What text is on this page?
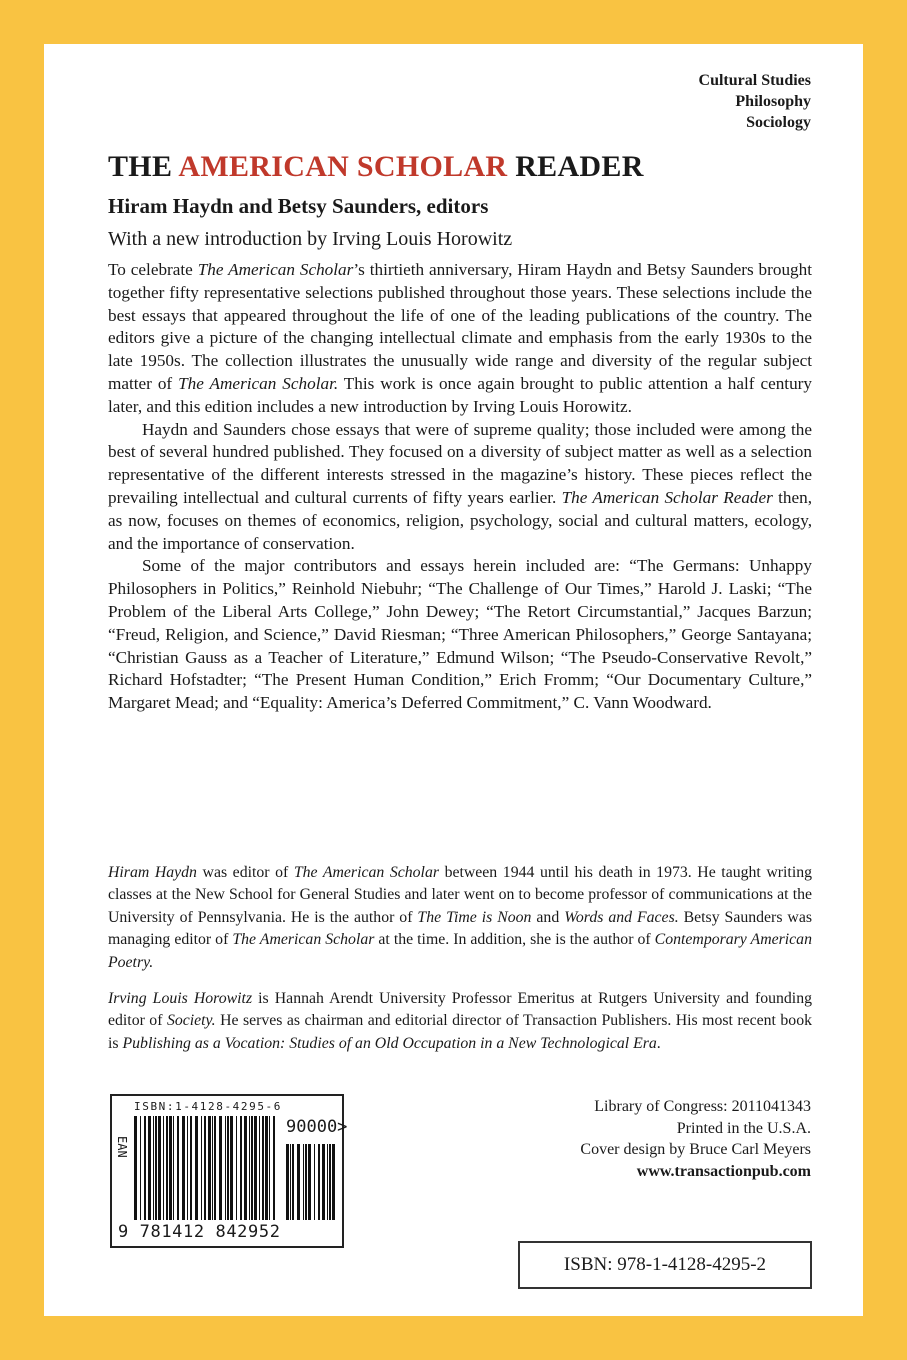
Cultural Studies
Philosophy
Sociology
THE AMERICAN SCHOLAR READER
Hiram Haydn and Betsy Saunders, editors
With a new introduction by Irving Louis Horowitz

To celebrate The American Scholar’s thirtieth anniversary, Hiram Haydn and Betsy Saunders brought together fifty representative selections published throughout those years. These selections include the best essays that appeared throughout the life of one of the leading publications of the country. The editors give a picture of the changing intellectual climate and emphasis from the early 1930s to the late 1950s. The collection illustrates the unusually wide range and diversity of the regular subject matter of The American Scholar. This work is once again brought to public attention a half century later, and this edition includes a new introduction by Irving Louis Horowitz.

Haydn and Saunders chose essays that were of supreme quality; those included were among the best of several hundred published. They focused on a diversity of subject matter as well as a selection representative of the different interests stressed in the magazine’s history. These pieces reflect the prevailing intellectual and cultural currents of fifty years earlier. The American Scholar Reader then, as now, focuses on themes of economics, religion, psychology, social and cultural matters, ecology, and the importance of conservation.

Some of the major contributors and essays herein included are: “The Germans: Unhappy Philosophers in Politics,” Reinhold Niebuhr; “The Challenge of Our Times,” Harold J. Laski; “The Problem of the Liberal Arts College,” John Dewey; “The Retort Circumstantial,” Jacques Barzun; “Freud, Religion, and Science,” David Riesman; “Three American Philosophers,” George Santayana; “Christian Gauss as a Teacher of Literature,” Edmund Wilson; “The Pseudo-Conservative Revolt,” Richard Hofstadter; “The Present Human Condition,” Erich Fromm; “Our Documentary Culture,” Margaret Mead; and “Equality: America’s Deferred Commitment,” C. Vann Woodward.

Hiram Haydn was editor of The American Scholar between 1944 until his death in 1973. He taught writing classes at the New School for General Studies and later went on to become professor of communications at the University of Pennsylvania. He is the author of The Time is Noon and Words and Faces. Betsy Saunders was managing editor of The American Scholar at the time. In addition, she is the author of Contemporary American Poetry.
Irving Louis Horowitz is Hannah Arendt University Professor Emeritus at Rutgers University and founding editor of Society. He serves as chairman and editorial director of Transaction Publishers. His most recent book is Publishing as a Vocation: Studies of an Old Occupation in a New Technological Era.
ISBN:1-4128-4295-6
EAN
90000>
9 781412 842952
Library of Congress: 2011041343
Printed in the U.S.A.
Cover design by Bruce Carl Meyers
www.transactionpub.com
ISBN: 978-1-4128-4295-2
